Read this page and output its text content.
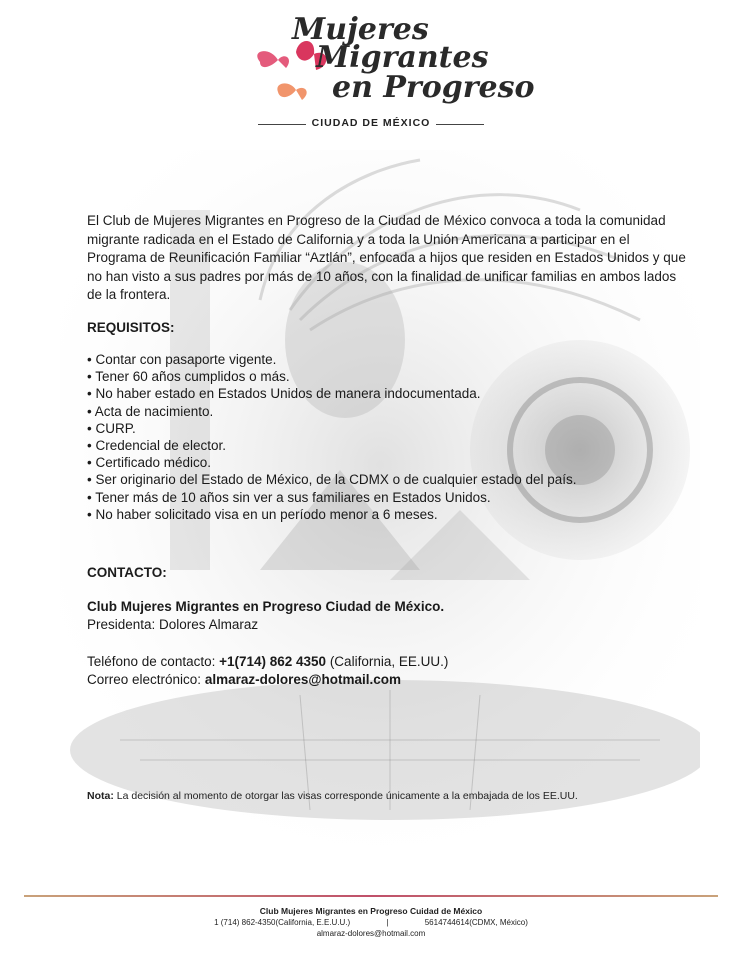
Mujeres
Migrantes
en Progreso
CIUDAD DE MÉXICO
El Club de Mujeres Migrantes en Progreso de la Ciudad de México convoca a toda la comunidad migrante radicada en el Estado de California y a toda la Unión Americana a participar en el Programa de Reunificación Familiar “Aztlán”, enfocada a hijos que residen en Estados Unidos y que no han visto a sus padres por más de 10 años, con la finalidad de unificar familias en ambos lados de la frontera.
REQUISITOS:
• Contar con pasaporte vigente.
• Tener 60 años cumplidos o más.
• No haber estado en Estados Unidos de manera indocumentada.
• Acta de nacimiento.
• CURP.
• Credencial de elector.
• Certificado médico.
• Ser originario del Estado de México, de la CDMX o de cualquier estado del país.
• Tener más de 10 años sin ver a sus familiares en Estados Unidos.
• No haber solicitado visa en un período menor a 6 meses.
CONTACTO:
Club Mujeres Migrantes en Progreso Ciudad de México.
Presidenta: Dolores Almaraz
Teléfono de contacto: +1(714) 862 4350 (California, EE.UU.)
Correo electrónico: almaraz-dolores@hotmail.com
Nota: La decisión al momento de otorgar las visas corresponde únicamente a la embajada de los EE.UU.
Club Mujeres Migrantes en Progreso Cuidad de México
1 (714) 862-4350(California, E.E.U.U.)	|	5614744614(CDMX, México)
almaraz-dolores@hotmail.com
